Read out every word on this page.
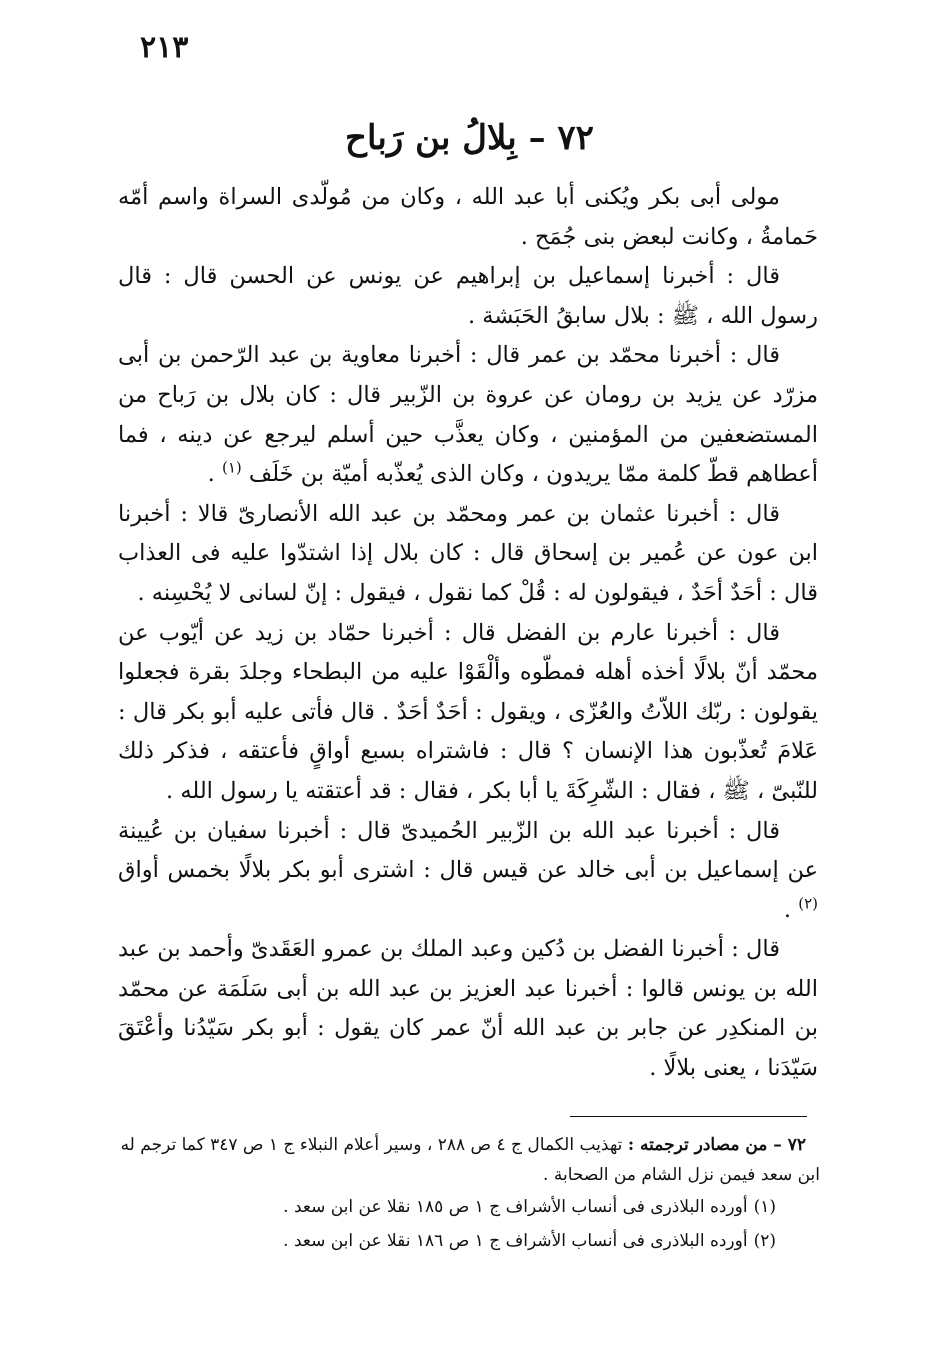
٢١٣
٧٢ – بِلالُ بن رَباح

مولى أبى بكر ويُكنى أبا عبد الله ، وكان من مُولّدى السراة واسم أمّه حَمامةُ ، وكانت لبعض بنى جُمَح .

قال : أخبرنا إسماعيل بن إبراهيم عن يونس عن الحسن قال : قال رسول الله ، ﷺ : بلال سابقُ الحَبَشة .

قال : أخبرنا محمّد بن عمر قال : أخبرنا معاوية بن عبد الرّحمن بن أبى مزرّد عن يزيد بن رومان عن عروة بن الزّبير قال : كان بلال بن رَباح من المستضعفين من المؤمنين ، وكان يعذَّب حين أسلم ليرجع عن دينه ، فما أعطاهم قطّ كلمة ممّا يريدون ، وكان الذى يُعذّبه أميّة بن خَلَف $^{(١)}$ .

قال : أخبرنا عثمان بن عمر ومحمّد بن عبد الله الأنصارىّ قالا : أخبرنا ابن عون عن عُمير بن إسحاق قال : كان بلال إذا اشتدّوا عليه فى العذاب قال : أحَدٌ أحَدٌ ، فيقولون له : قُلْ كما نقول ، فيقول : إنّ لسانى لا يُحْسِنه .

قال : أخبرنا عارم بن الفضل قال : أخبرنا حمّاد بن زيد عن أيّوب عن محمّد أنّ بلالًا أخذه أهله فمطّوه وألْقَوْا عليه من البطحاء وجلدَ بقرة فجعلوا يقولون : ربّك اللاّتُ والعُزّى ، ويقول : أحَدٌ أحَدٌ . قال فأتى عليه أبو بكر قال : عَلامَ تُعذّبون هذا الإنسان ؟ قال : فاشتراه بسبع أواقٍ فأعتقه ، فذكر ذلك للنّبىّ ، ﷺ ، فقال : الشّرِكَةَ يا أبا بكر ، فقال : قد أعتقته يا رسول الله .

قال : أخبرنا عبد الله بن الزّبير الحُميدىّ قال : أخبرنا سفيان بن عُيينة عن إسماعيل بن أبى خالد عن قيس قال : اشترى أبو بكر بلالًا بخمس أواق $^{(٢)}$ .

قال : أخبرنا الفضل بن دُكين وعبد الملك بن عمرو العَقَدىّ وأحمد بن عبد الله بن يونس قالوا : أخبرنا عبد العزيز بن عبد الله بن أبى سَلَمَة عن محمّد بن المنكدِر عن جابر بن عبد الله أنّ عمر كان يقول : أبو بكر سَيّدُنا وأعْتَقَ سَيّدَنا ، يعنى بلالًا .

٧٢ – من مصادر ترجمته : تهذيب الكمال ج ٤ ص ٢٨٨ ، وسير أعلام النبلاء ج ١ ص ٣٤٧ كما ترجم له ابن سعد فيمن نزل الشام من الصحابة .

(١)أورده البلاذرى فى أنساب الأشراف ج ١ ص ١٨٥ نقلا عن ابن سعد .

(٢)أورده البلاذرى فى أنساب الأشراف ج ١ ص ١٨٦ نقلا عن ابن سعد .
